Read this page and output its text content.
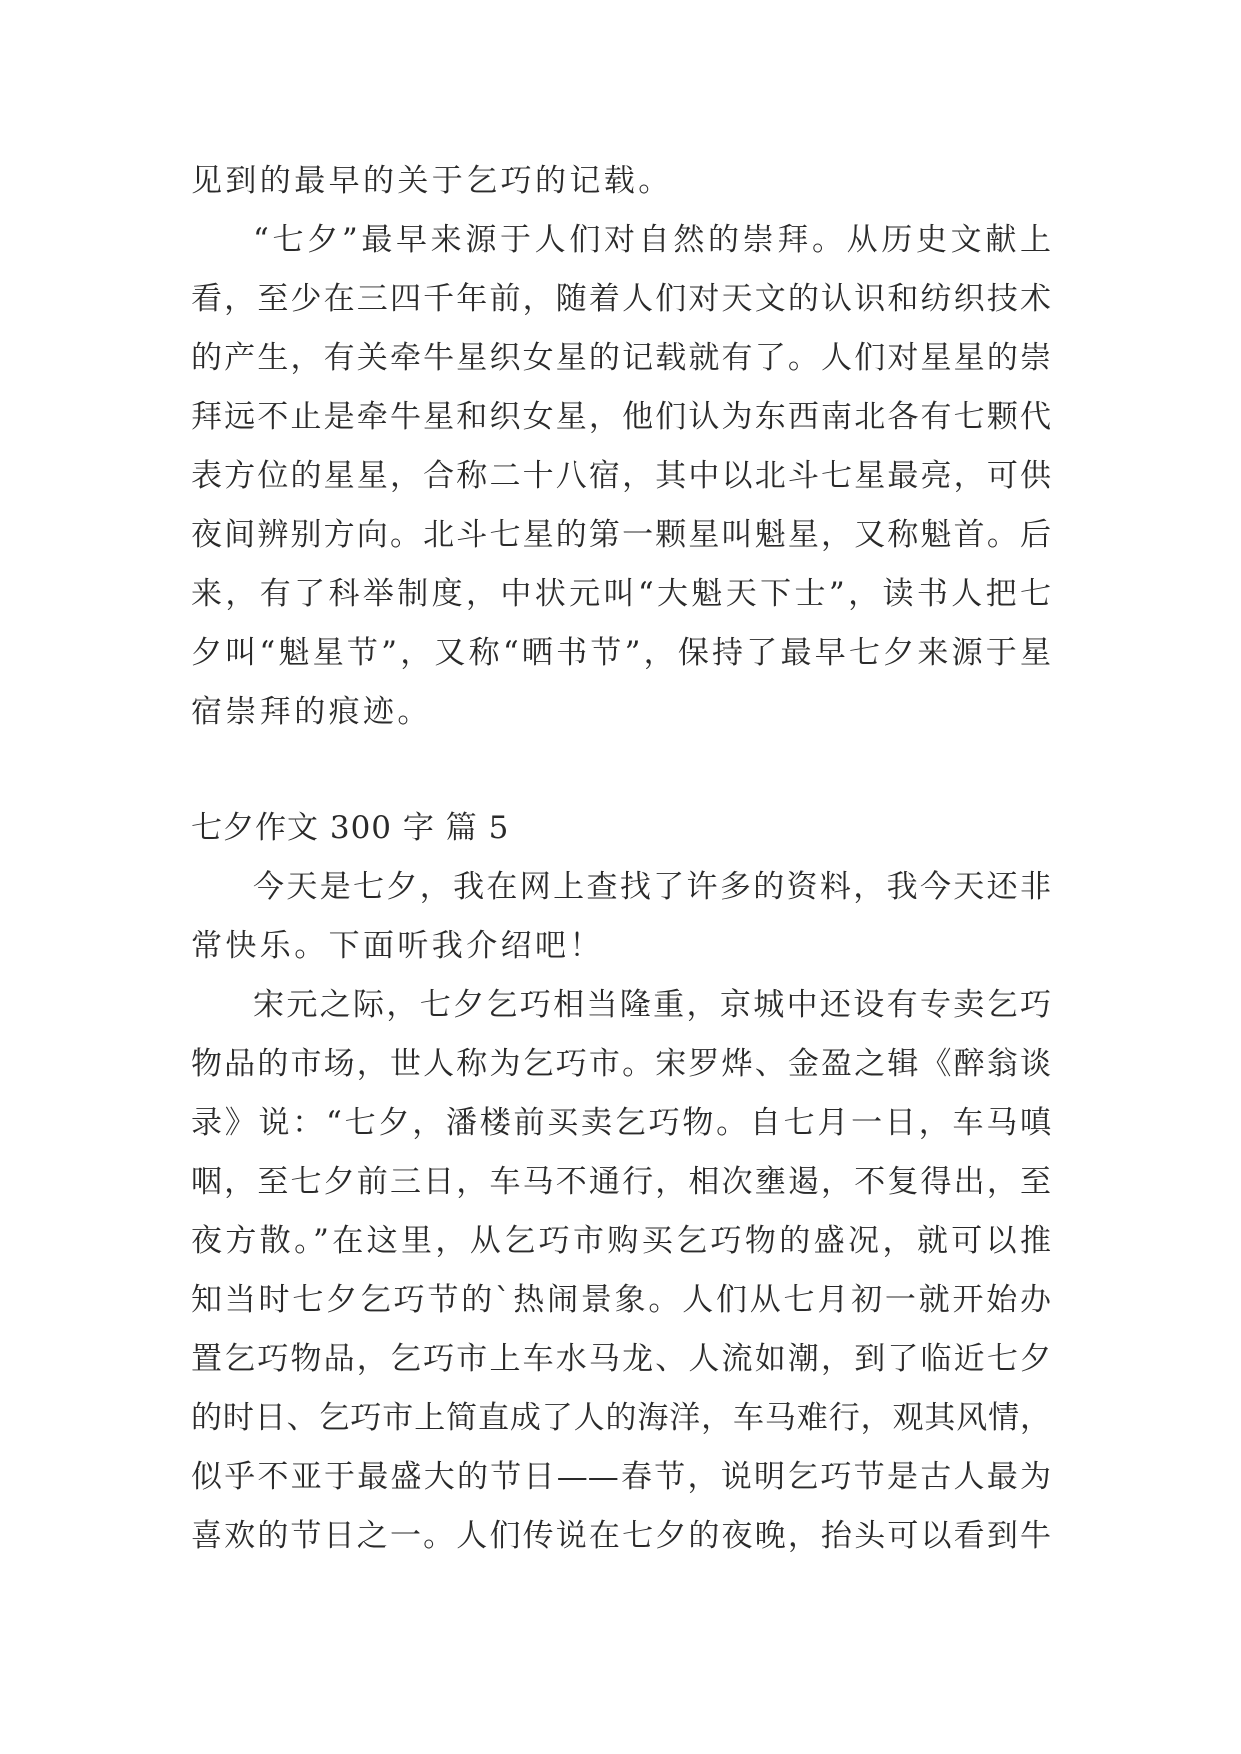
见到的最早的关于乞巧的记载。
“七夕”最早来源于人们对自然的崇拜。从历史文献上
看，至少在三四千年前，随着人们对天文的认识和纺织技术
的产生，有关牵牛星织女星的记载就有了。人们对星星的崇
拜远不止是牵牛星和织女星，他们认为东西南北各有七颗代
表方位的星星，合称二十八宿，其中以北斗七星最亮，可供
夜间辨别方向。北斗七星的第一颗星叫魁星，又称魁首。后
来，有了科举制度，中状元叫“大魁天下士”，读书人把七
夕叫“魁星节”，又称“晒书节”，保持了最早七夕来源于星
宿崇拜的痕迹。
七夕作文 300 字 篇 5
今天是七夕，我在网上查找了许多的资料，我今天还非
常快乐。下面听我介绍吧！
宋元之际，七夕乞巧相当隆重，京城中还设有专卖乞巧
物品的市场，世人称为乞巧市。宋罗烨、金盈之辑《醉翁谈
录》说：“七夕，潘楼前买卖乞巧物。自七月一日，车马嗔
咽，至七夕前三日，车马不通行，相次壅遏，不复得出，至
夜方散。”在这里，从乞巧市购买乞巧物的盛况，就可以推
知当时七夕乞巧节的`热闹景象。人们从七月初一就开始办
置乞巧物品，乞巧市上车水马龙、人流如潮，到了临近七夕
的时日、乞巧市上简直成了人的海洋，车马难行，观其风情，
似乎不亚于最盛大的节日——春节，说明乞巧节是古人最为
喜欢的节日之一。人们传说在七夕的夜晚，抬头可以看到牛
